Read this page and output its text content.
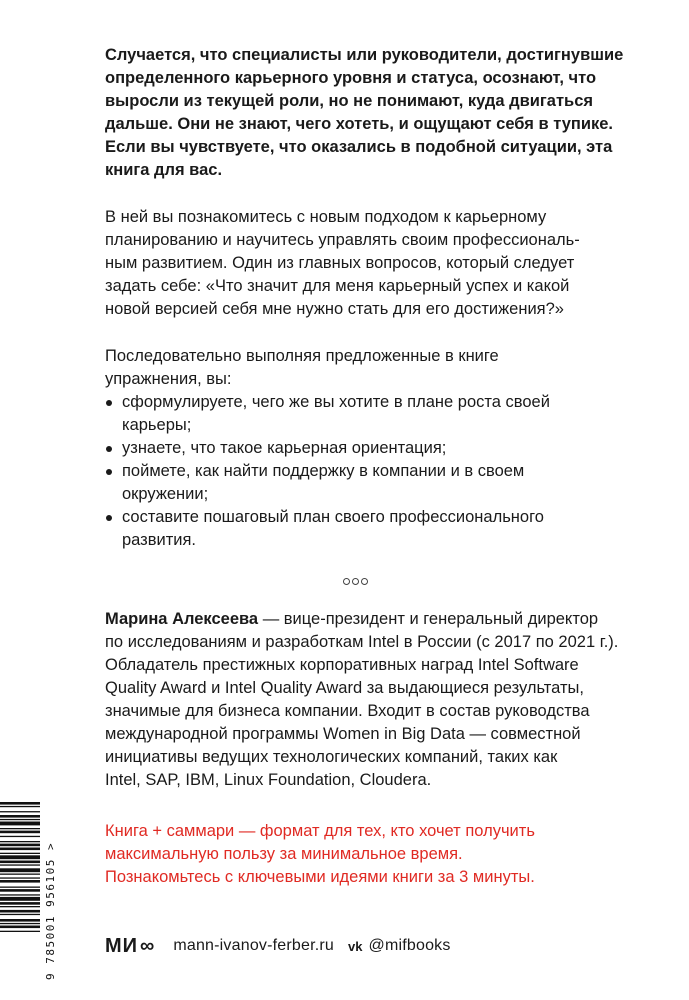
Случается, что специалисты или руководители, достигнувшие
определенного карьерного уровня и статуса, осознают, что
выросли из текущей роли, но не понимают, куда двигаться
дальше. Они не знают, чего хотеть, и ощущают себя в тупике.
Если вы чувствуете, что оказались в подобной ситуации, эта
книга для вас.

В ней вы познакомитесь с новым подходом к карьерному
планированию и научитесь управлять своим профессиональ-
ным развитием. Один из главных вопросов, который следует
задать себе: «Что значит для меня карьерный успех и какой
новой версией себя мне нужно стать для его достижения?»

Последовательно выполняя предложенные в книге
упражнения, вы:

сформулируете, чего же вы хотите в плане роста своей
карьеры;
узнаете, что такое карьерная ориентация;
поймете, как найти поддержку в компании и в своем
окружении;
составите пошаговый план своего профессионального
развития.

Марина Алексеева — вице-президент и генеральный директор
по исследованиям и разработкам Intel в России (с 2017 по 2021 г.).
Обладатель престижных корпоративных наград Intel Software
Quality Award и Intel Quality Award за выдающиеся результаты,
значимые для бизнеса компании. Входит в состав руководства
международной программы Women in Big Data — совместной
инициативы ведущих технологических компаний, таких как
Intel, SAP, IBM, Linux Foundation, Cloudera.

Книга + саммари — формат для тех, кто хочет получить
максимальную пользу за минимальное время.
Познакомьтесь с ключевыми идеями книги за 3 минуты.
9 785001 956105 > МИ ∞ mann-ivanov-ferber.ru vk @mifbooks
